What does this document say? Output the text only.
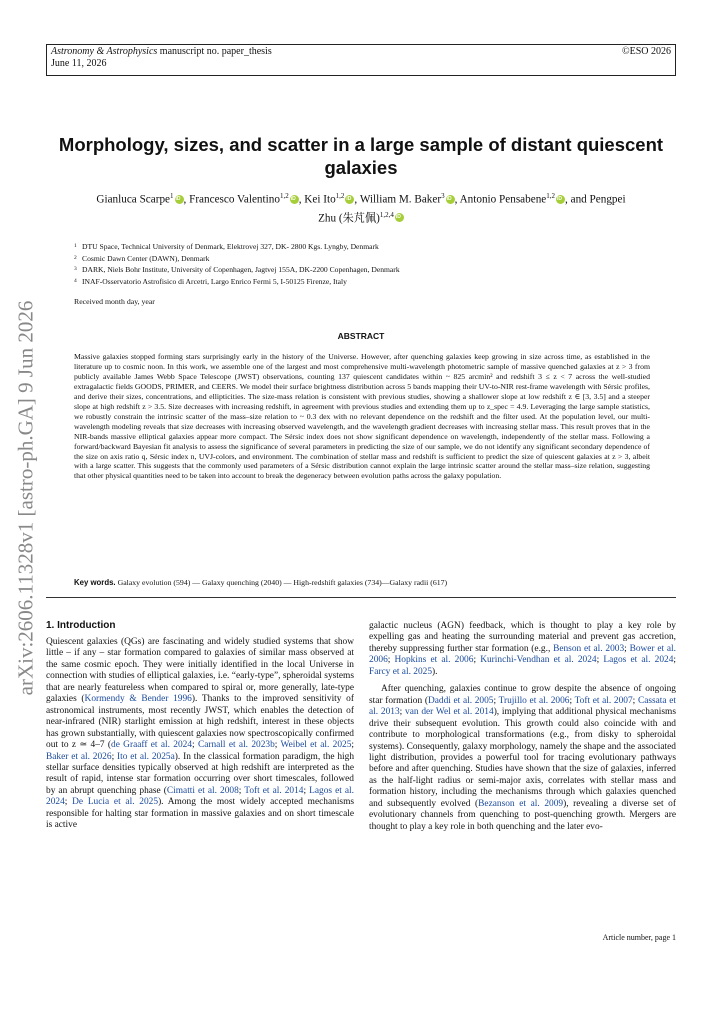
Astronomy & Astrophysics manuscript no. paper_thesis
June 11, 2026
©ESO 2026
Morphology, sizes, and scatter in a large sample of distant quiescent galaxies
Gianluca Scarpe$^1$ iD , Francesco Valentino$^{1,2}$ iD , Kei Ito$^{1,2}$ iD , William M. Baker$^3$ iD , Antonio Pensabene$^{1,2}$ iD , and Pengpei
Zhu (朱芃佩)$^{1,2,4}$iD
1 DTU Space, Technical University of Denmark, Elektrovej 327, DK- 2800 Kgs. Lyngby, Denmark
2 Cosmic Dawn Center (DAWN), Denmark
3 DARK, Niels Bohr Institute, University of Copenhagen, Jagtvej 155A, DK-2200 Copenhagen, Denmark
4 INAF-Osservatorio Astrofisico di Arcetri, Largo Enrico Fermi 5, I-50125 Firenze, Italy
Received month day, year
ABSTRACT

Massive galaxies stopped forming stars surprisingly early in the history of the Universe. However, after quenching galaxies keep growing in size across time, as established in the literature up to cosmic noon. In this work, we assemble one of the largest and most comprehensive multi-wavelength photometric sample of massive quenched galaxies at z > 3 from publicly available James Webb Space Telescope (JWST) observations, counting 137 quiescent candidates within ~ 825 arcmin² and redshift 3 ≤ z < 7 across the well-studied extragalactic fields GOODS, PRIMER, and CEERS. We model their surface brightness distribution across 5 bands mapping their UV-to-NIR rest-frame wavelength with Sérsic profiles, and derive their sizes, concentrations, and ellipticities. The size-mass relation is consistent with previous studies, showing a shallower slope at low redshift z ∈ [3, 3.5] and a steeper slope at high redshift z > 3.5. Size decreases with increasing redshift, in agreement with previous studies and extending them up to z_spec = 4.9. Leveraging the large sample statistics, we robustly constrain the intrinsic scatter of the mass–size relation to ~ 0.3 dex with no relevant dependence on the redshift and the filter used. At the population level, our multi-wavelength modeling reveals that size decreases with increasing observed wavelength, and the wavelength gradient decreases with increasing stellar mass. This result proves that in the NIR-bands massive elliptical galaxies appear more compact. The Sérsic index does not show significant dependence on wavelength, independently of the stellar mass. Following a forward/backward Bayesian fit analysis to assess the significance of several parameters in predicting the size of our sample, we do not identify any significant secondary dependence of the size on axis ratio q, Sérsic index n, UVJ-colors, and environment. The combination of stellar mass and redshift is sufficient to predict the size of quiescent galaxies at z > 3, albeit with a large scatter. This suggests that the commonly used parameters of a Sérsic distribution cannot explain the large intrinsic scatter around the stellar mass–size relation, suggesting that other physical quantities need to be taken into account to break the degeneracy between evolution paths across the galaxy population.

Key words. Galaxy evolution (594) — Galaxy quenching (2040) — High-redshift galaxies (734)—Galaxy radii (617)
arXiv:2606.11328v1 [astro-ph.GA] 9 Jun 2026 1. Introduction

Quiescent galaxies (QGs) are fascinating and widely studied systems that show little – if any – star formation compared to galaxies of similar mass observed at the same cosmic epoch. They were initially identified in the local Universe in connection with studies of elliptical galaxies, i.e. “early-type”, spheroidal systems that are nearly featureless when compared to spiral or, more generally, late-type galaxies (Kormendy & Bender 1996). Thanks to the improved sensitivity of astronomical instruments, most recently JWST, which enables the detection of near-infrared (NIR) starlight emission at high redshift, interest in these objects has grown substantially, with quiescent galaxies now spectroscopically confirmed out to z ≃ 4–7 (de Graaff et al. 2024; Carnall et al. 2023b; Weibel et al. 2025; Baker et al. 2026; Ito et al. 2025a). In the classical formation paradigm, the high stellar surface densities typically observed at high redshift are interpreted as the result of rapid, intense star formation occurring over short timescales, followed by an abrupt quenching phase (Cimatti et al. 2008; Toft et al. 2014; Lagos et al. 2024; De Lucia et al. 2025). Among the most widely accepted mechanisms responsible for halting star formation in massive galaxies and on short timescale is active

galactic nucleus (AGN) feedback, which is thought to play a key role by expelling gas and heating the surrounding material and prevent gas accretion, thereby suppressing further star formation (e.g., Benson et al. 2003; Bower et al. 2006; Hopkins et al. 2006; Kurinchi-Vendhan et al. 2024; Lagos et al. 2024; Farcy et al. 2025).

After quenching, galaxies continue to grow despite the absence of ongoing star formation (Daddi et al. 2005; Trujillo et al. 2006; Toft et al. 2007; Cassata et al. 2013; van der Wel et al. 2014), implying that additional physical mechanisms drive their subsequent evolution. This growth could also coincide with and contribute to morphological transformations (e.g., from disky to spheroidal systems). Consequently, galaxy morphology, namely the shape and the associated light distribution, provides a powerful tool for tracing evolutionary pathways before and after quenching. Studies have shown that the size of galaxies, inferred as the half-light radius or semi-major axis, correlates with stellar mass and formation history, including the mechanisms through which galaxies quenched and subsequently evolved (Bezanson et al. 2009), revealing a diverse set of evolutionary channels from quenching to post-quenching growth. Mergers are thought to play a key role in both quenching and the later evo-

Article number, page 1
